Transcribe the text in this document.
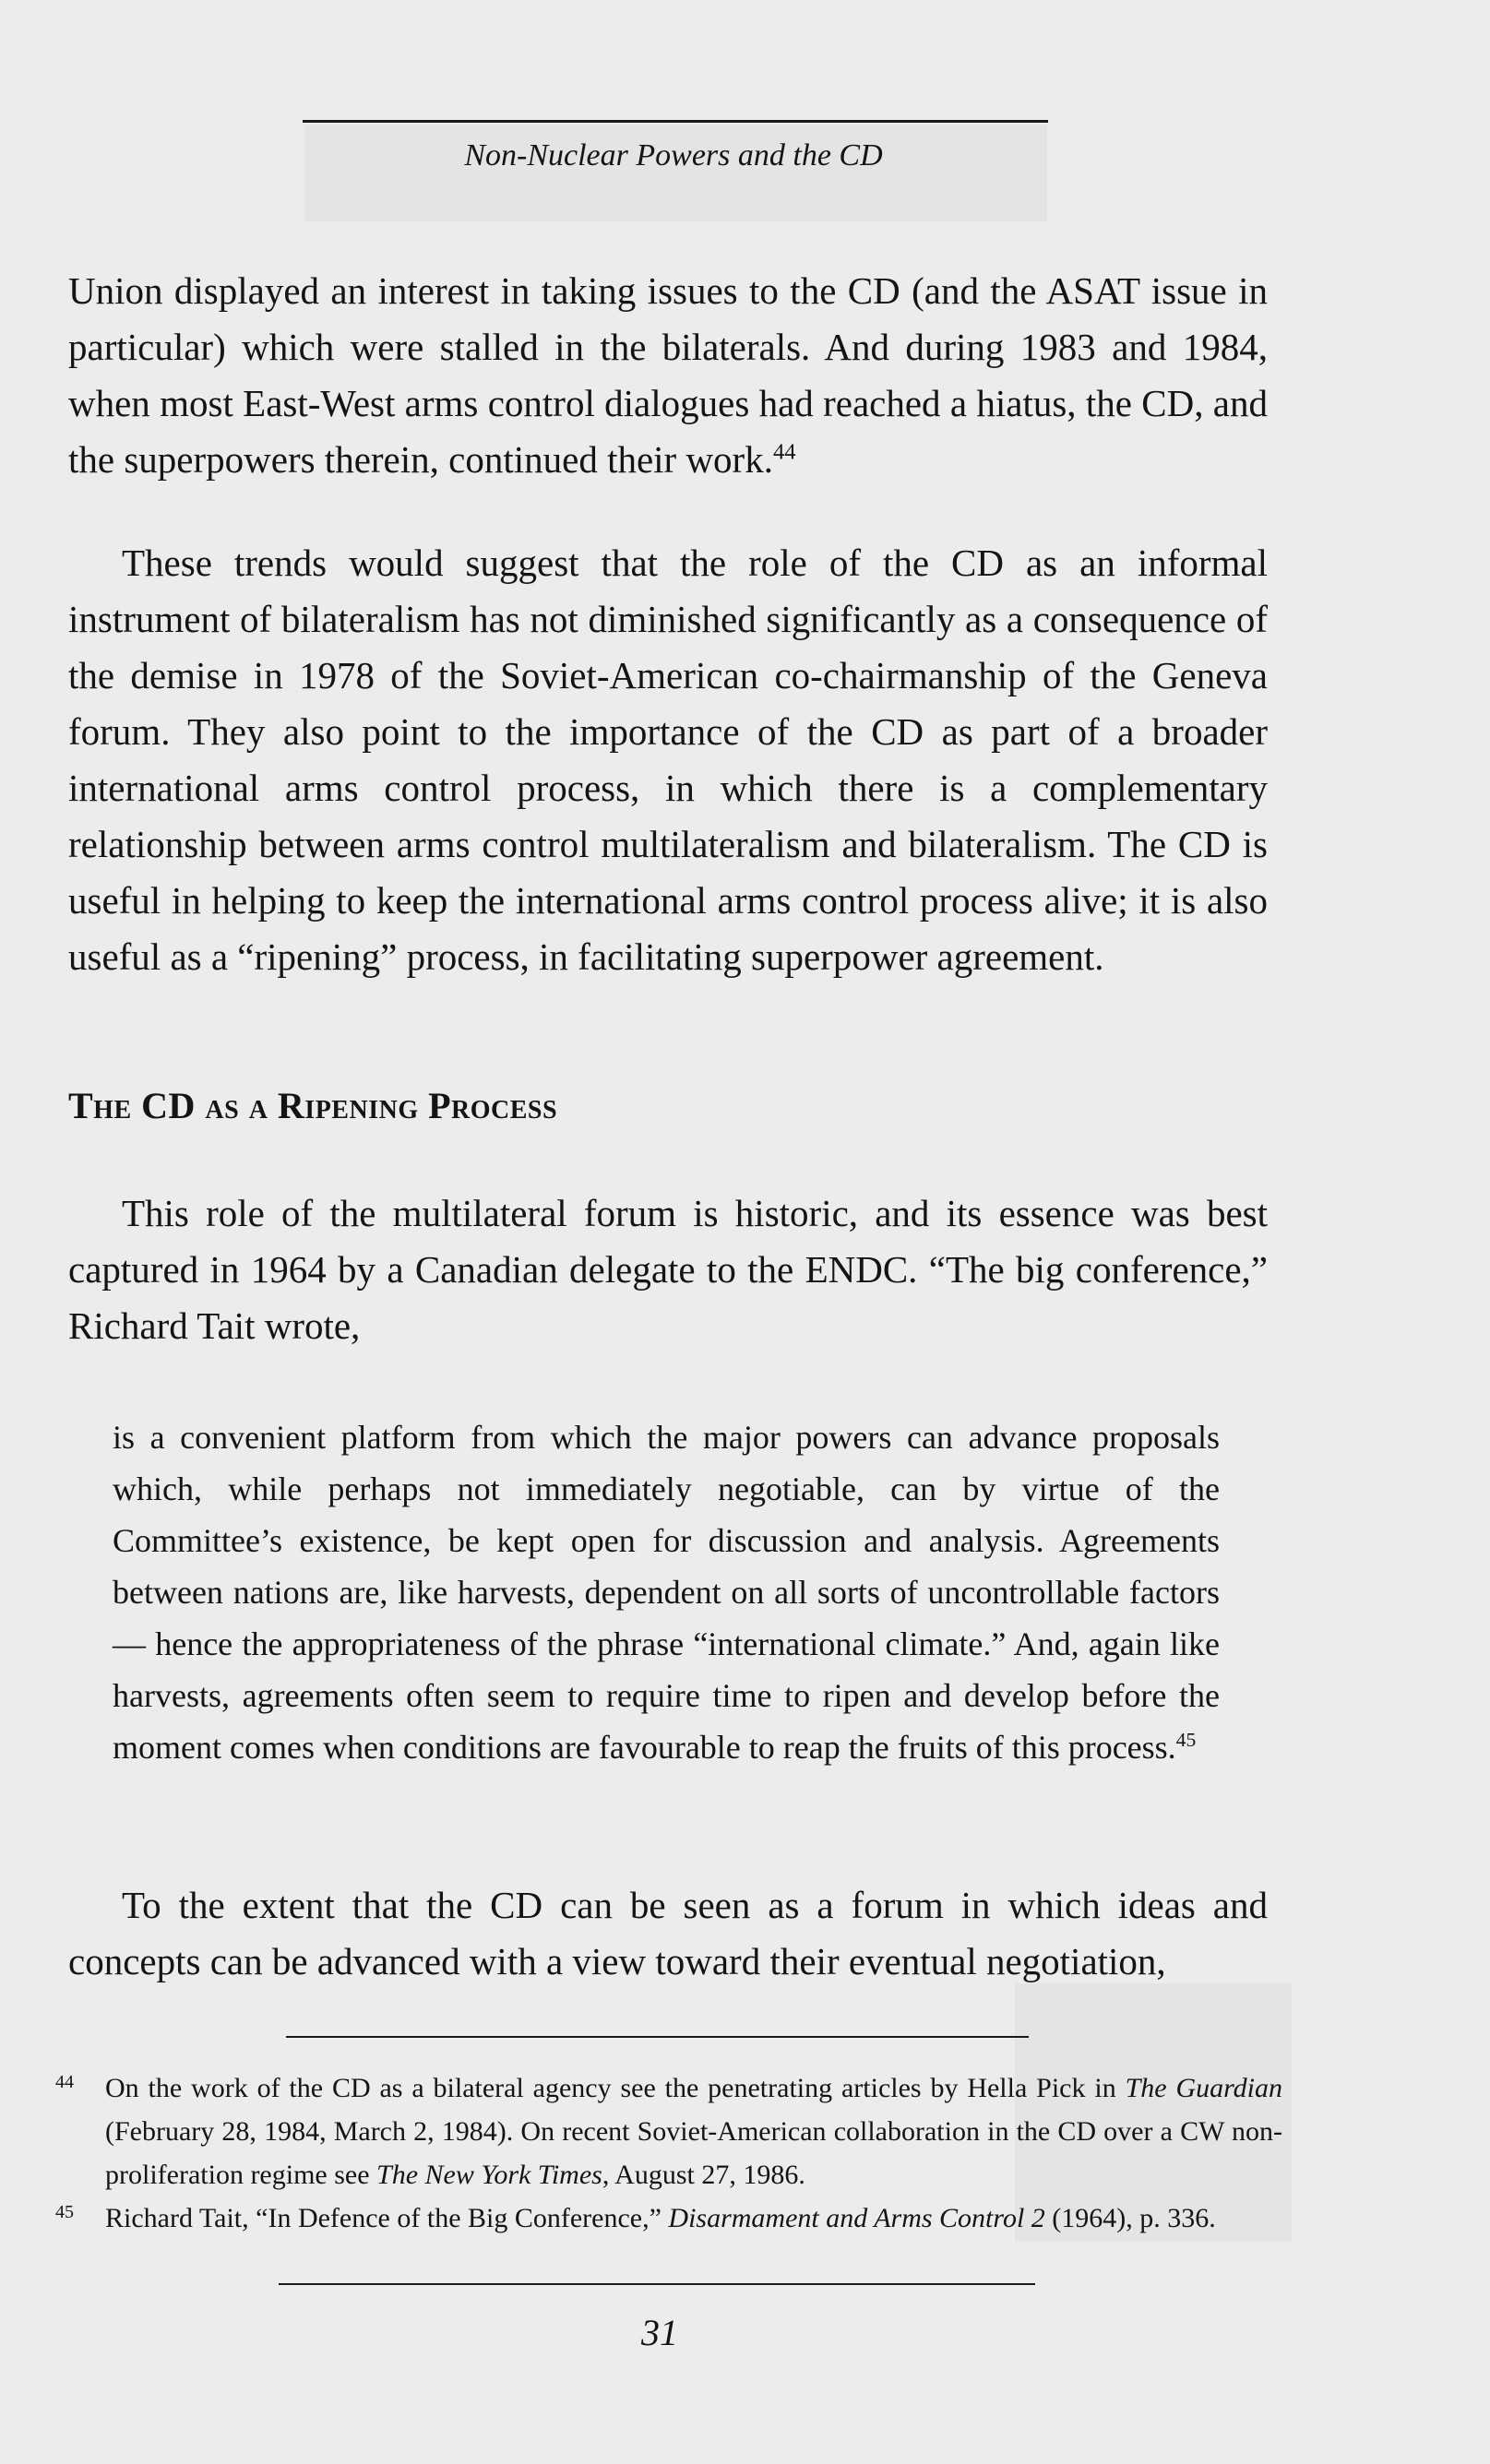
Non-Nuclear Powers and the CD

Union displayed an interest in taking issues to the CD (and the ASAT issue in particular) which were stalled in the bilaterals. And during 1983 and 1984, when most East-West arms control dialogues had reached a hiatus, the CD, and the superpowers therein, continued their work.$^{44}$

These trends would suggest that the role of the CD as an informal instrument of bilateralism has not diminished significantly as a consequence of the demise in 1978 of the Soviet-American co-chairmanship of the Geneva forum. They also point to the importance of the CD as part of a broader international arms control process, in which there is a complementary relationship between arms control multilateralism and bilateralism. The CD is useful in helping to keep the international arms control process alive; it is also useful as a “ripening” process, in facilitating superpower agreement.

The CD as a Ripening Process

This role of the multilateral forum is historic, and its essence was best captured in 1964 by a Canadian delegate to the ENDC. “The big conference,” Richard Tait wrote,

is a convenient platform from which the major powers can advance proposals which, while perhaps not immediately negotiable, can by virtue of the Committee’s existence, be kept open for discussion and analysis. Agreements between nations are, like harvests, dependent on all sorts of uncontrollable factors — hence the appropriateness of the phrase “international climate.” And, again like harvests, agreements often seem to require time to ripen and develop before the moment comes when conditions are favourable to reap the fruits of this process.$^{45}$

To the extent that the CD can be seen as a forum in which ideas and concepts can be advanced with a view toward their eventual negotiation,

44 On the work of the CD as a bilateral agency see the penetrating articles by Hella Pick in The Guardian (February 28, 1984, March 2, 1984). On recent Soviet-American collaboration in the CD over a CW non-proliferation regime see The New York Times, August 27, 1986.
45 Richard Tait, “In Defence of the Big Conference,” Disarmament and Arms Control 2 (1964), p. 336.
31
